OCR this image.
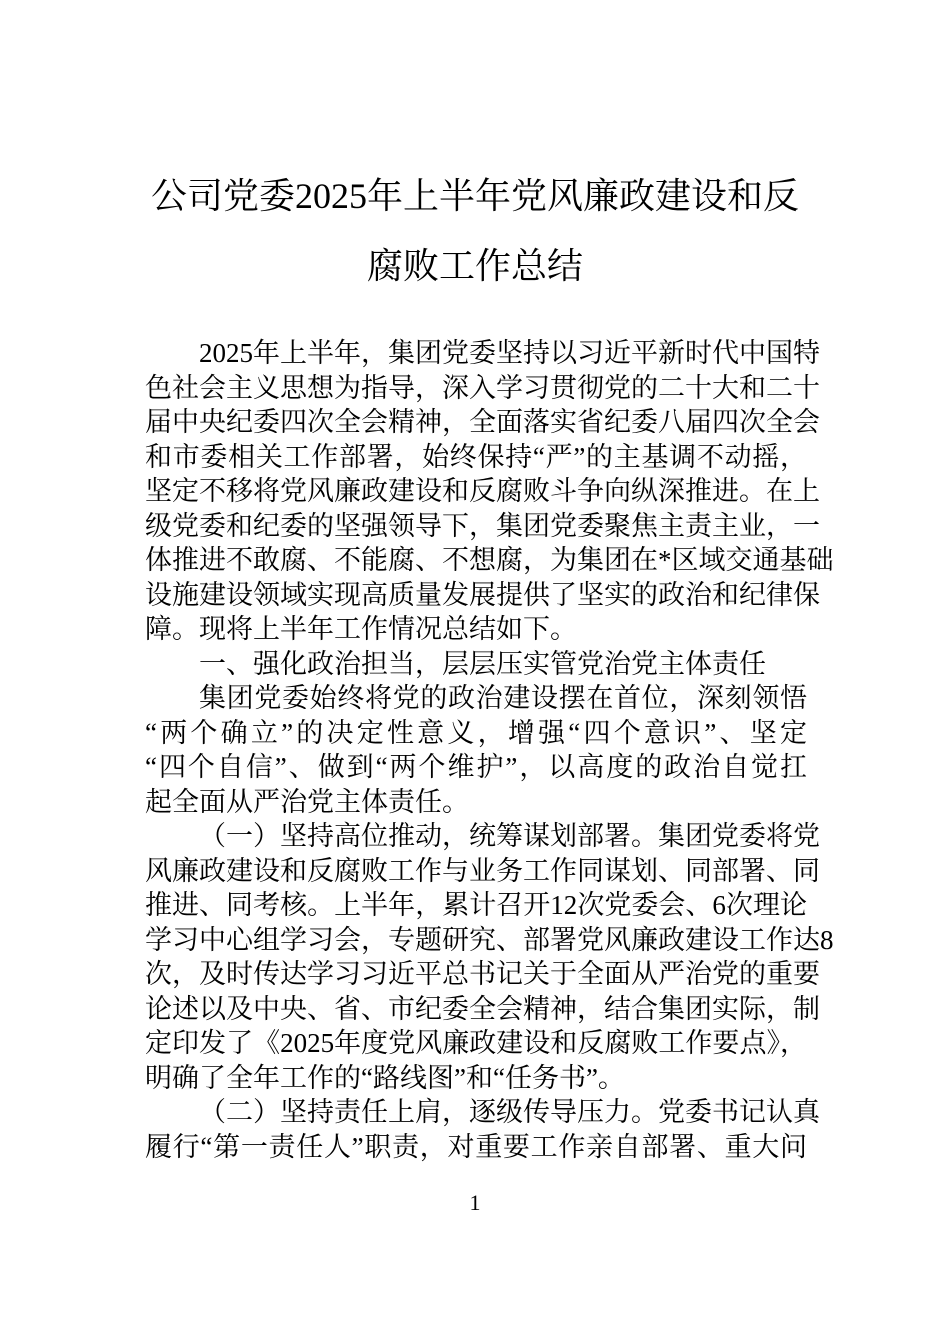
公司党委2025年上半年党风廉政建设和反
腐败工作总结
2025年上半年，集团党委坚持以习近平新时代中国特
色社会主义思想为指导，深入学习贯彻党的二十大和二十
届中央纪委四次全会精神，全面落实省纪委八届四次全会
和市委相关工作部署，始终保持“严”的主基调不动摇，
坚定不移将党风廉政建设和反腐败斗争向纵深推进。在上
级党委和纪委的坚强领导下，集团党委聚焦主责主业，一
体推进不敢腐、不能腐、不想腐，为集团在*区域交通基础
设施建设领域实现高质量发展提供了坚实的政治和纪律保
障。现将上半年工作情况总结如下。
一、强化政治担当，层层压实管党治党主体责任
集团党委始终将党的政治建设摆在首位，深刻领悟
“两个确立”的决定性意义，增强“四个意识”、坚定
“四个自信”、做到“两个维护”，以高度的政治自觉扛
起全面从严治党主体责任。
（一）坚持高位推动，统筹谋划部署。集团党委将党
风廉政建设和反腐败工作与业务工作同谋划、同部署、同
推进、同考核。上半年，累计召开12次党委会、6次理论
学习中心组学习会，专题研究、部署党风廉政建设工作达8
次，及时传达学习习近平总书记关于全面从严治党的重要
论述以及中央、省、市纪委全会精神，结合集团实际，制
定印发了《2025年度党风廉政建设和反腐败工作要点》，
明确了全年工作的“路线图”和“任务书”。
（二）坚持责任上肩，逐级传导压力。党委书记认真
履行“第一责任人”职责，对重要工作亲自部署、重大问
1
